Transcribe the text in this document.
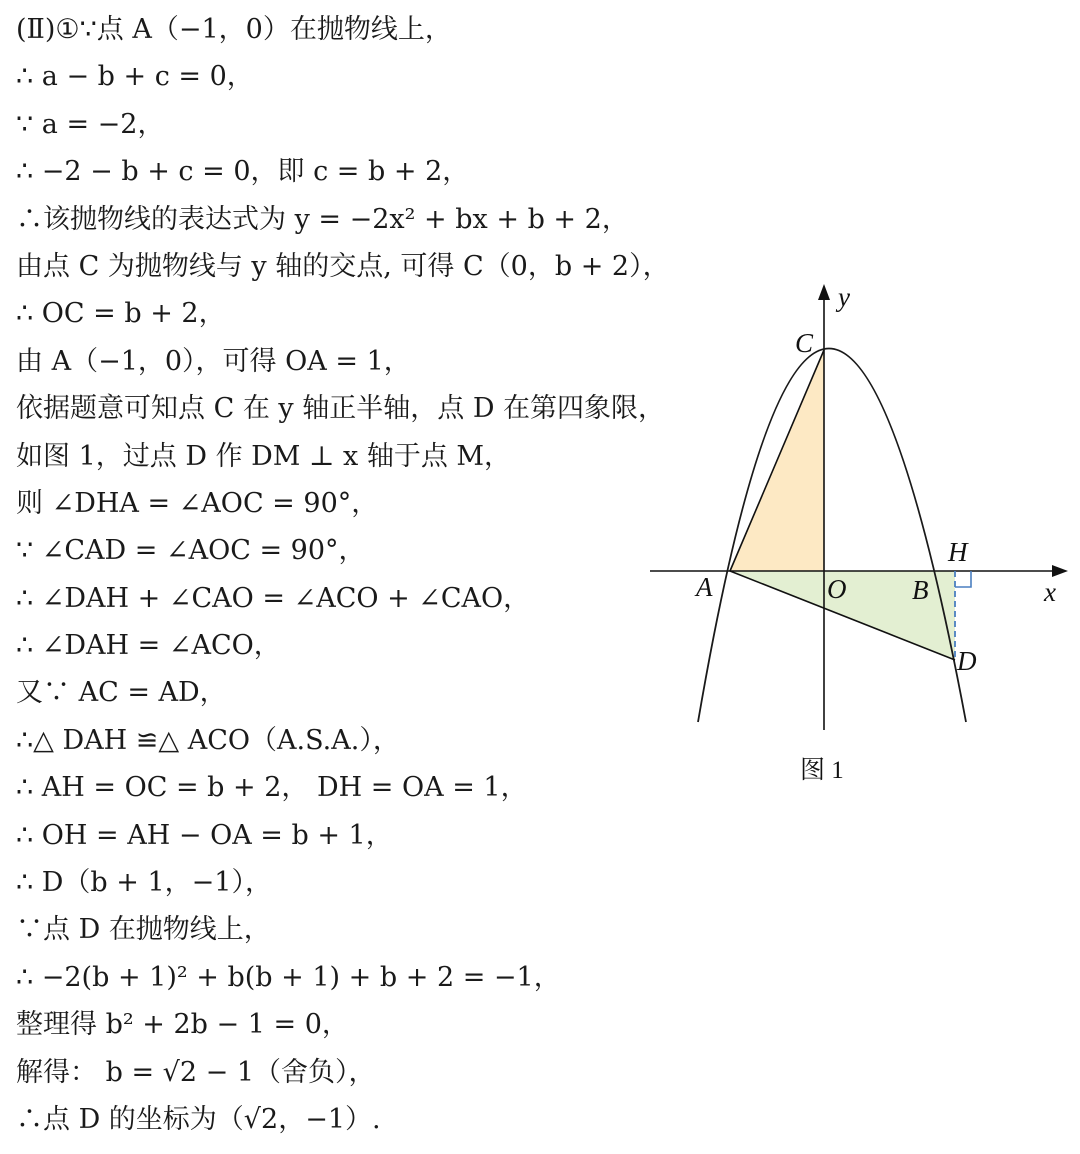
(Ⅱ)①∵点 A（−1，0）在抛物线上，
∴ a − b + c = 0，
∵ a = −2，
∴ −2 − b + c = 0，即 c = b + 2，
∴该抛物线的表达式为 y = −2x² + bx + b + 2，
由点 C 为抛物线与 y 轴的交点, 可得 C（0，b + 2），
∴ OC = b + 2，
由 A（−1，0），可得 OA = 1，
依据题意可知点 C 在 y 轴正半轴，点 D 在第四象限，
如图 1，过点 D 作 DM ⊥ x 轴于点 M，
则 ∠DHA = ∠AOC = 90°，
∵ ∠CAD = ∠AOC = 90°，
∴ ∠DAH + ∠CAO = ∠ACO + ∠CAO，
∴ ∠DAH = ∠ACO，
又∵ AC = AD，
∴△ DAH ≌△ ACO（A.S.A.），
∴ AH = OC = b + 2， DH = OA = 1，
∴ OH = AH − OA = b + 1，
∴ D（b + 1，−1），
∵点 D 在抛物线上，
∴ −2(b + 1)² + b(b + 1) + b + 2 = −1，
整理得 b² + 2b − 1 = 0，
解得： b = √2 − 1（舍负），
∴点 D 的坐标为（√2，−1）.
y
x
C
A	O B
H
D
图 1
